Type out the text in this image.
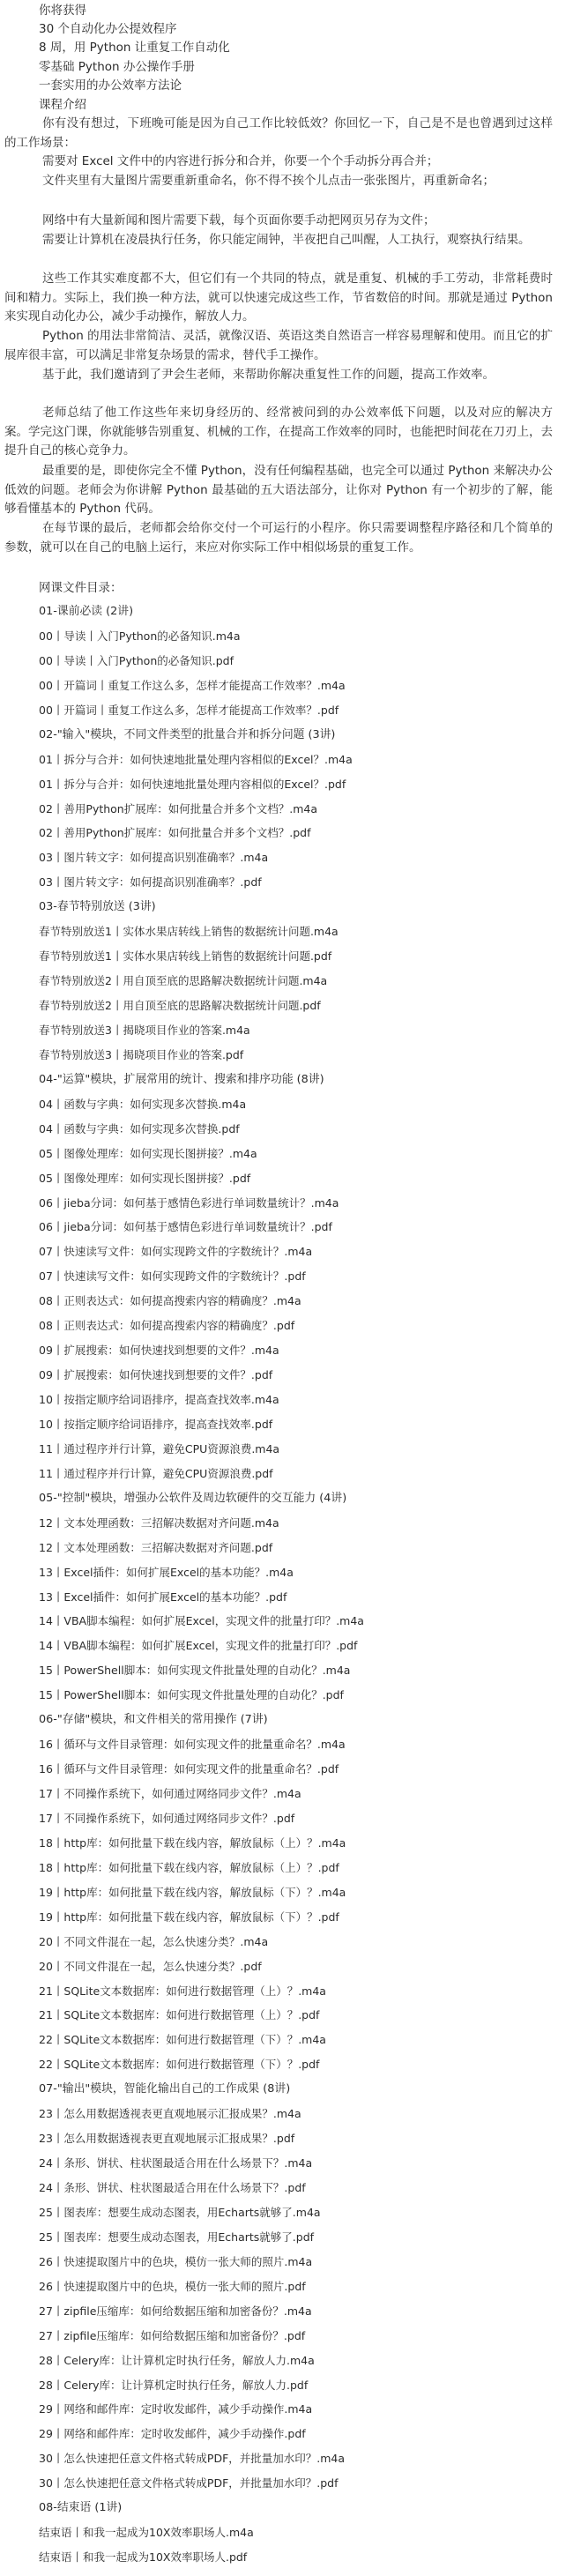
你将获得
30 个自动化办公提效程序
8 周，用 Python 让重复工作自动化
零基础 Python 办公操作手册
一套实用的办公效率方法论
课程介绍

你有没有想过，下班晚可能是因为自己工作比较低效？你回忆一下，自己是不是也曾遇到过这样的工作场景：

需要对 Excel 文件中的内容进行拆分和合并，你要一个个手动拆分再合并；

文件夹里有大量图片需要重新重命名，你不得不挨个儿点击一张张图片，再重新命名；

网络中有大量新闻和图片需要下载，每个页面你要手动把网页另存为文件；

需要让计算机在凌晨执行任务，你只能定闹钟，半夜把自己叫醒，人工执行，观察执行结果。

这些工作其实难度都不大，但它们有一个共同的特点，就是重复、机械的手工劳动，非常耗费时间和精力。实际上，我们换一种方法，就可以快速完成这些工作，节省数倍的时间。那就是通过 Python 来实现自动化办公，减少手动操作，解放人力。

Python 的用法非常简洁、灵活，就像汉语、英语这类自然语言一样容易理解和使用。而且它的扩展库很丰富，可以满足非常复杂场景的需求，替代手工操作。

基于此，我们邀请到了尹会生老师，来帮助你解决重复性工作的问题，提高工作效率。

老师总结了他工作这些年来切身经历的、经常被问到的办公效率低下问题，以及对应的解决方案。学完这门课，你就能够告别重复、机械的工作，在提高工作效率的同时，也能把时间花在刀刃上，去提升自己的核心竞争力。

最重要的是，即使你完全不懂 Python，没有任何编程基础，也完全可以通过 Python 来解决办公低效的问题。老师会为你讲解 Python 最基础的五大语法部分，让你对 Python 有一个初步的了解，能够看懂基本的 Python 代码。

在每节课的最后，老师都会给你交付一个可运行的小程序。你只需要调整程序路径和几个简单的参数，就可以在自己的电脑上运行，来应对你实际工作中相似场景的重复工作。

网课文件目录：
01-课前必读 (2讲)
00丨导读丨入门Python的必备知识.m4a
00丨导读丨入门Python的必备知识.pdf
00丨开篇词丨重复工作这么多，怎样才能提高工作效率？.m4a
00丨开篇词丨重复工作这么多，怎样才能提高工作效率？.pdf
02-"输入"模块，不同文件类型的批量合并和拆分问题 (3讲)
01丨拆分与合并：如何快速地批量处理内容相似的Excel？.m4a
01丨拆分与合并：如何快速地批量处理内容相似的Excel？.pdf
02丨善用Python扩展库：如何批量合并多个文档？.m4a
02丨善用Python扩展库：如何批量合并多个文档？.pdf
03丨图片转文字：如何提高识别准确率？.m4a
03丨图片转文字：如何提高识别准确率？.pdf
03-春节特别放送 (3讲)
春节特别放送1丨实体水果店转线上销售的数据统计问题.m4a
春节特别放送1丨实体水果店转线上销售的数据统计问题.pdf
春节特别放送2丨用自顶至底的思路解决数据统计问题.m4a
春节特别放送2丨用自顶至底的思路解决数据统计问题.pdf
春节特别放送3丨揭晓项目作业的答案.m4a
春节特别放送3丨揭晓项目作业的答案.pdf
04-"运算"模块，扩展常用的统计、搜索和排序功能 (8讲)
04丨函数与字典：如何实现多次替换.m4a
04丨函数与字典：如何实现多次替换.pdf
05丨图像处理库：如何实现长图拼接？.m4a
05丨图像处理库：如何实现长图拼接？.pdf
06丨jieba分词：如何基于感情色彩进行单词数量统计？.m4a
06丨jieba分词：如何基于感情色彩进行单词数量统计？.pdf
07丨快速读写文件：如何实现跨文件的字数统计？.m4a
07丨快速读写文件：如何实现跨文件的字数统计？.pdf
08丨正则表达式：如何提高搜索内容的精确度？.m4a
08丨正则表达式：如何提高搜索内容的精确度？.pdf
09丨扩展搜索：如何快速找到想要的文件？.m4a
09丨扩展搜索：如何快速找到想要的文件？.pdf
10丨按指定顺序给词语排序，提高查找效率.m4a
10丨按指定顺序给词语排序，提高查找效率.pdf
11丨通过程序并行计算，避免CPU资源浪费.m4a
11丨通过程序并行计算，避免CPU资源浪费.pdf
05-"控制"模块，增强办公软件及周边软硬件的交互能力 (4讲)
12丨文本处理函数：三招解决数据对齐问题.m4a
12丨文本处理函数：三招解决数据对齐问题.pdf
13丨Excel插件：如何扩展Excel的基本功能？.m4a
13丨Excel插件：如何扩展Excel的基本功能？.pdf
14丨VBA脚本编程：如何扩展Excel，实现文件的批量打印？.m4a
14丨VBA脚本编程：如何扩展Excel，实现文件的批量打印？.pdf
15丨PowerShell脚本：如何实现文件批量处理的自动化？.m4a
15丨PowerShell脚本：如何实现文件批量处理的自动化？.pdf
06-"存储"模块，和文件相关的常用操作 (7讲)
16丨循环与文件目录管理：如何实现文件的批量重命名？.m4a
16丨循环与文件目录管理：如何实现文件的批量重命名？.pdf
17丨不同操作系统下，如何通过网络同步文件？.m4a
17丨不同操作系统下，如何通过网络同步文件？.pdf
18丨http库：如何批量下载在线内容，解放鼠标（上）？.m4a
18丨http库：如何批量下载在线内容，解放鼠标（上）？.pdf
19丨http库：如何批量下载在线内容，解放鼠标（下）？.m4a
19丨http库：如何批量下载在线内容，解放鼠标（下）？.pdf
20丨不同文件混在一起，怎么快速分类？.m4a
20丨不同文件混在一起，怎么快速分类？.pdf
21丨SQLite文本数据库：如何进行数据管理（上）？.m4a
21丨SQLite文本数据库：如何进行数据管理（上）？.pdf
22丨SQLite文本数据库：如何进行数据管理（下）？.m4a
22丨SQLite文本数据库：如何进行数据管理（下）？.pdf
07-"输出"模块，智能化输出自己的工作成果 (8讲)
23丨怎么用数据透视表更直观地展示汇报成果？.m4a
23丨怎么用数据透视表更直观地展示汇报成果？.pdf
24丨条形、饼状、柱状图最适合用在什么场景下？.m4a
24丨条形、饼状、柱状图最适合用在什么场景下？.pdf
25丨图表库：想要生成动态图表，用Echarts就够了.m4a
25丨图表库：想要生成动态图表，用Echarts就够了.pdf
26丨快速提取图片中的色块，模仿一张大师的照片.m4a
26丨快速提取图片中的色块，模仿一张大师的照片.pdf
27丨zipfile压缩库：如何给数据压缩和加密备份？.m4a
27丨zipfile压缩库：如何给数据压缩和加密备份？.pdf
28丨Celery库：让计算机定时执行任务，解放人力.m4a
28丨Celery库：让计算机定时执行任务，解放人力.pdf
29丨网络和邮件库：定时收发邮件，减少手动操作.m4a
29丨网络和邮件库：定时收发邮件，减少手动操作.pdf
30丨怎么快速把任意文件格式转成PDF，并批量加水印？.m4a
30丨怎么快速把任意文件格式转成PDF，并批量加水印？.pdf
08-结束语 (1讲)
结束语丨和我一起成为10X效率职场人.m4a
结束语丨和我一起成为10X效率职场人.pdf
